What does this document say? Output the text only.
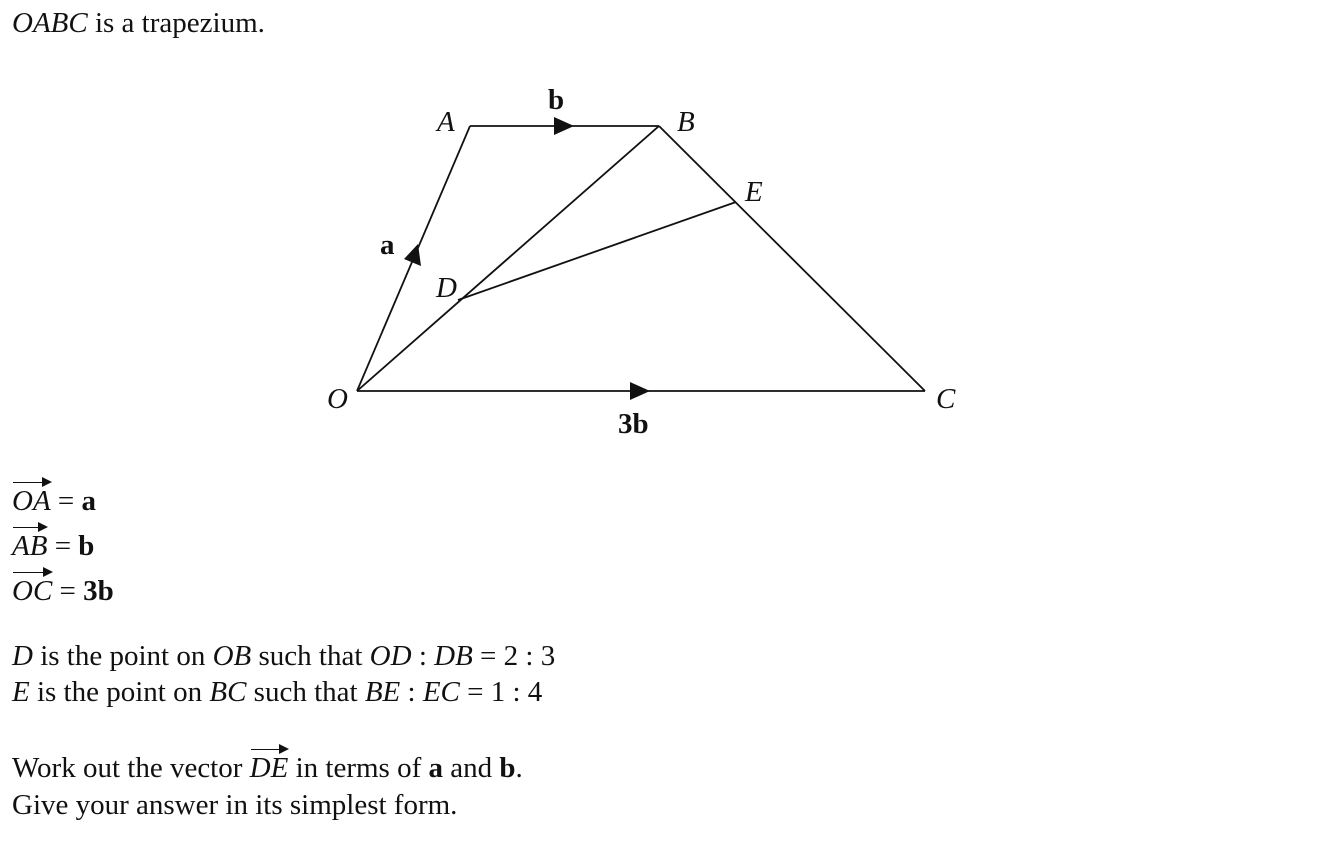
OABC is a trapezium.
O
A	B
C
D
E
b
a
3b
OA = a
AB = b
OC = 3b
D is the point on OB such that OD : DB = 2 : 3
E is the point on BC such that BE : EC = 1 : 4
Work out the vector DE in terms of a and b.
Give your answer in its simplest form.
